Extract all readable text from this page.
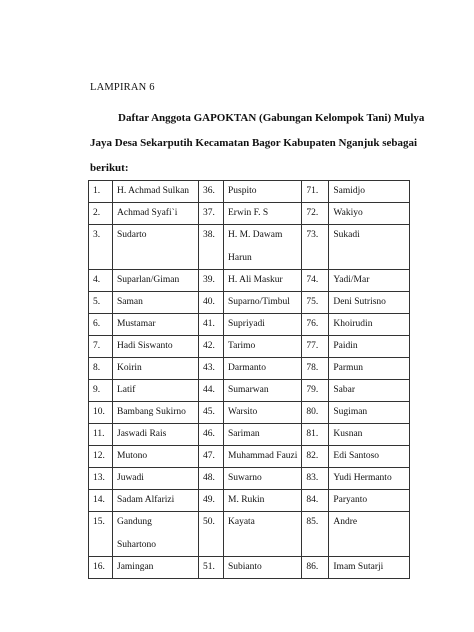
LAMPIRAN 6
Daftar Anggota GAPOKTAN (Gabungan Kelompok Tani) Mulya
Jaya Desa Sekarputih Kecamatan Bagor Kabupaten Nganjuk sebagai
berikut:
1.	H. Achmad Sulkan	36.	Puspito	71.	Samidjo

2.	Achmad Syafi`i	37.	Erwin F. S	72.	Wakiyo

3.	Sudarto	38.	H. M. Dawam
Harun	73.	Sukadi

4.	Suparlan/Giman	39.	H. Ali Maskur	74.	Yadi/Mar

5.	Saman	40.	Suparno/Timbul	75.	Deni Sutrisno

6.	Mustamar	41.	Supriyadi	76.	Khoirudin

7.	Hadi Siswanto	42.	Tarimo	77.	Paidin

8.	Koirin	43.	Darmanto	78.	Parmun

9.	Latif	44.	Sumarwan	79.	Sabar

10.	Bambang Sukirno	45.	Warsito	80.	Sugiman

11.	Jaswadi Rais	46.	Sariman	81.	Kusnan

12.	Mutono	47.	Muhammad Fauzi	82.	Edi Santoso

13.	Juwadi	48.	Suwarno	83.	Yudi Hermanto

14.	Sadam Alfarizi	49.	M. Rukin	84.	Paryanto

15.	Gandung
Suhartono	50.	Kayata	85.	Andre

16.	Jamingan	51.	Subianto	86.	Imam Sutarji
